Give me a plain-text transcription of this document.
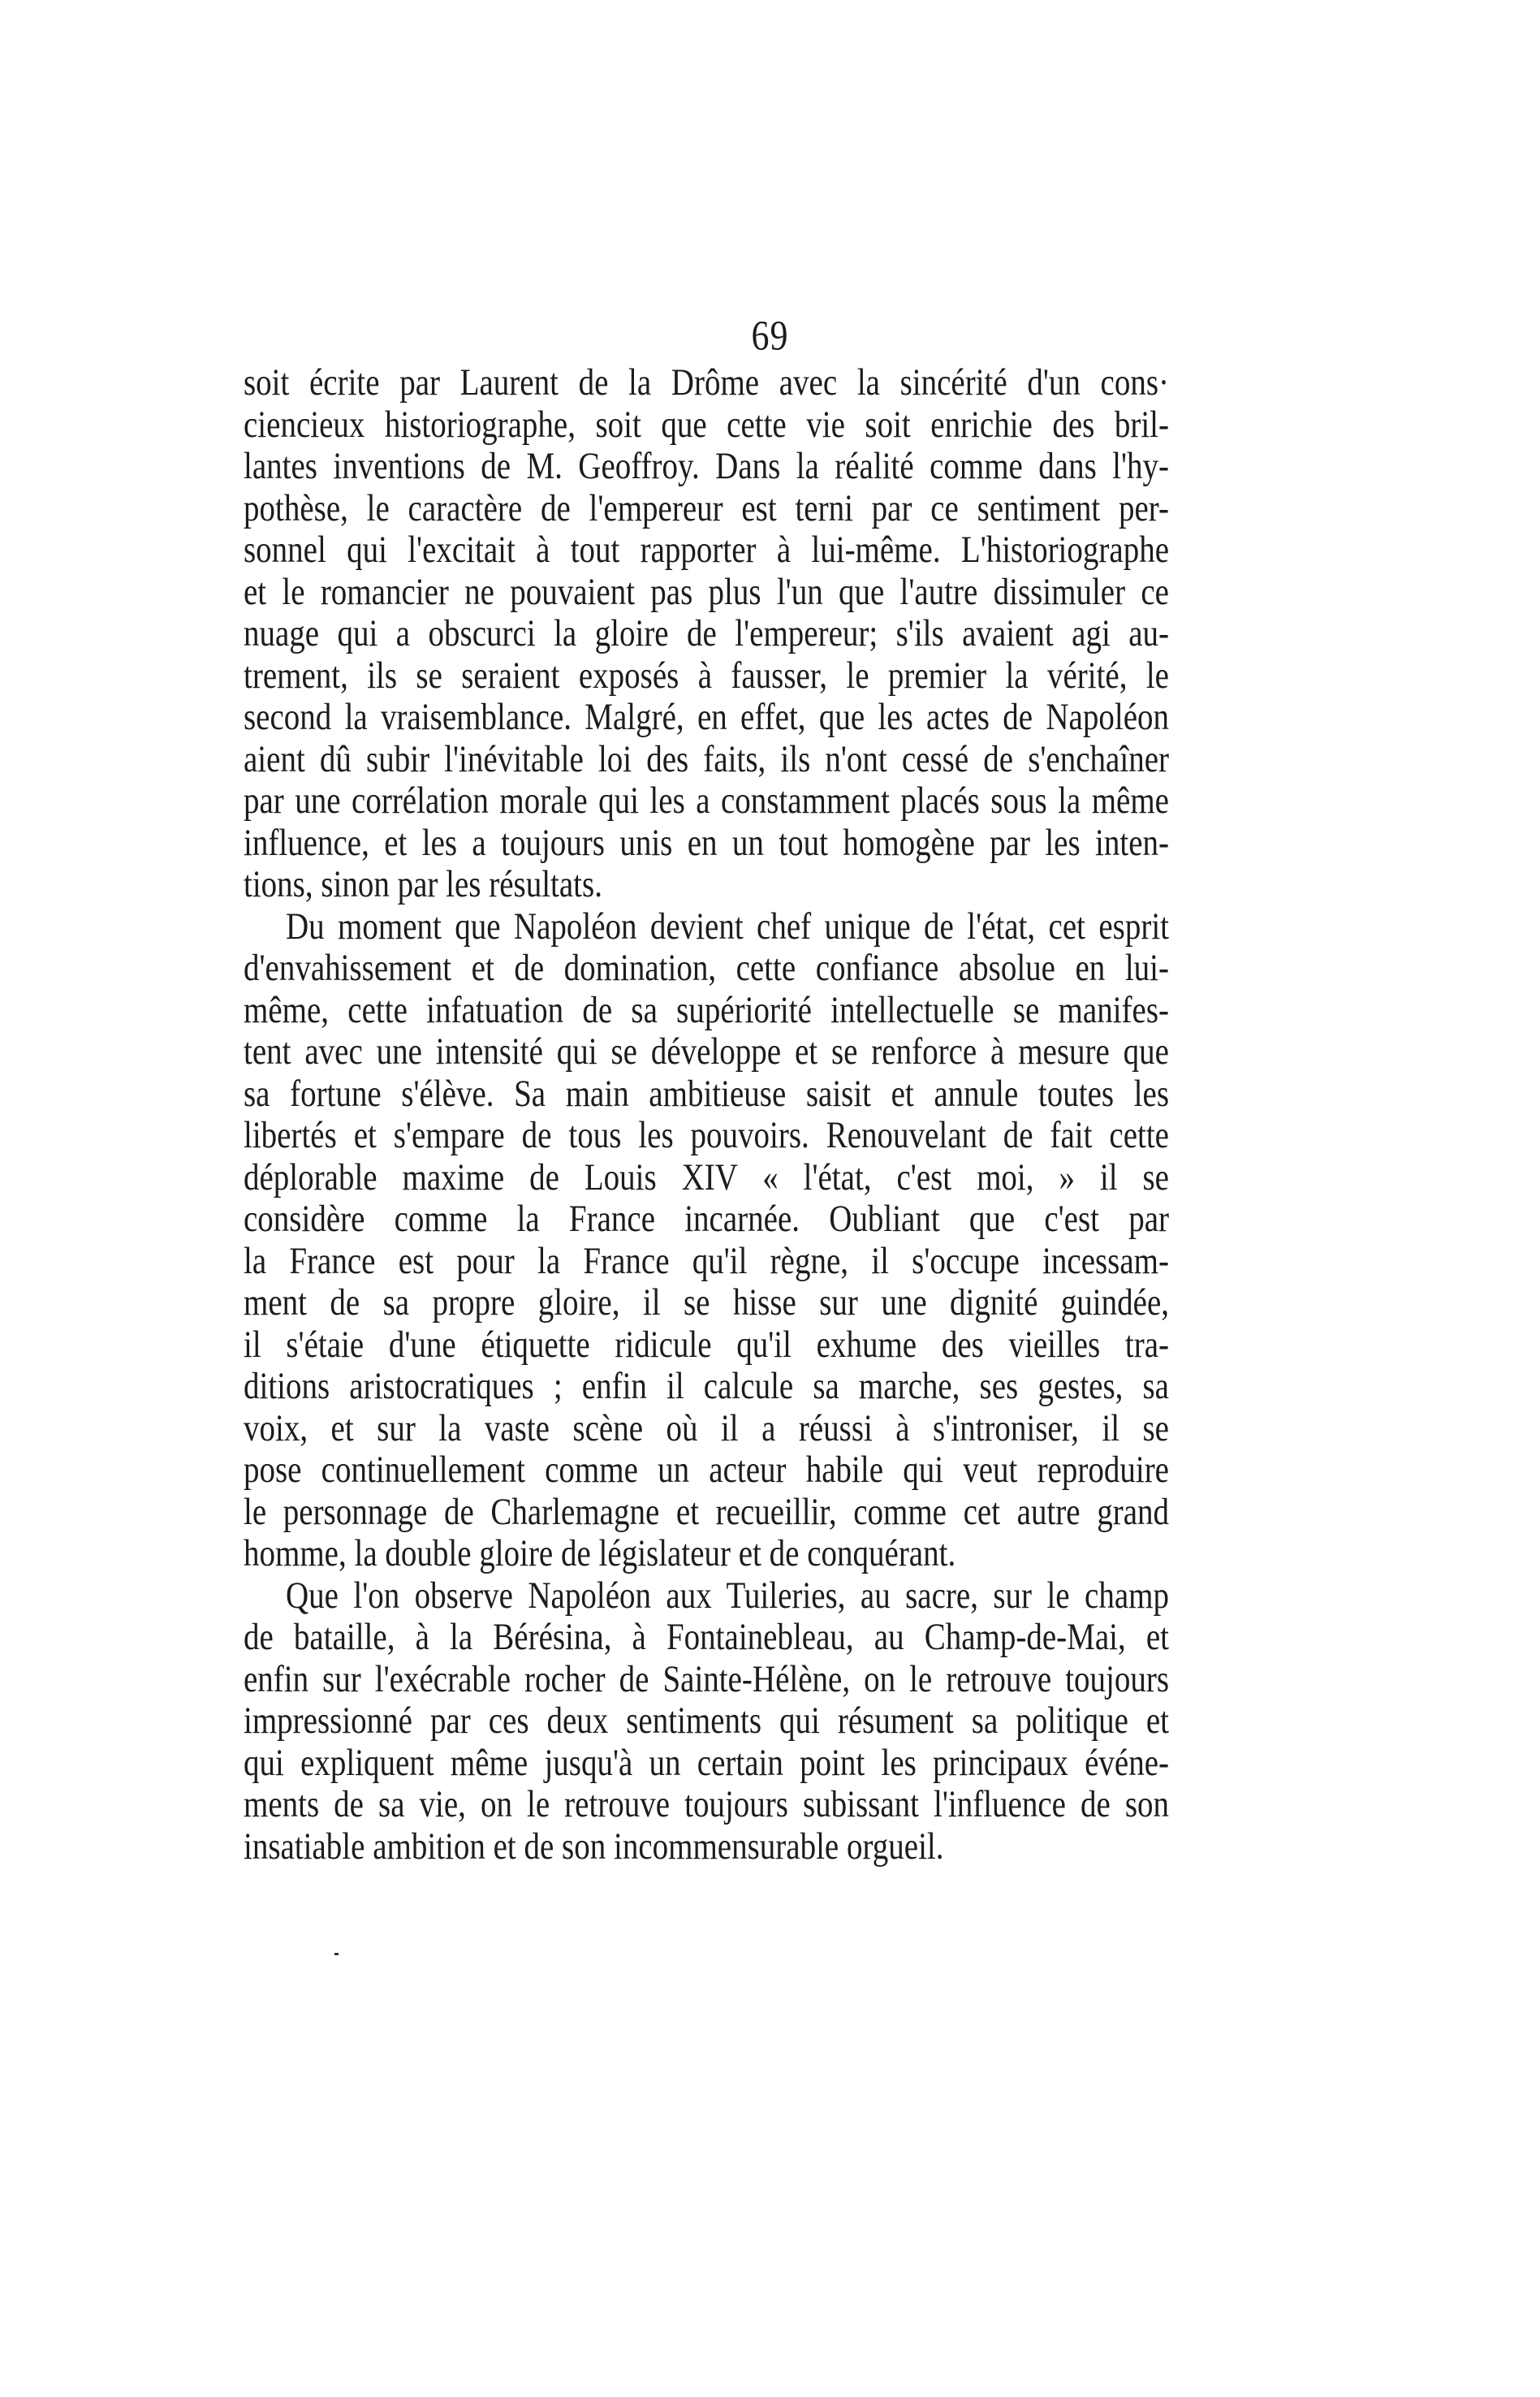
69
soit écrite par Laurent de la Drôme avec la sincérité d'un cons·
ciencieux historiographe, soit que cette vie soit enrichie des bril-
lantes inventions de M. Geoffroy. Dans la réalité comme dans l'hy-
pothèse, le caractère de l'empereur est terni par ce sentiment per-
sonnel qui l'excitait à tout rapporter à lui-même. L'historiographe
et le romancier ne pouvaient pas plus l'un que l'autre dissimuler ce
nuage qui a obscurci la gloire de l'empereur; s'ils avaient agi au-
trement, ils se seraient exposés à fausser, le premier la vérité, le
second la vraisemblance. Malgré, en effet, que les actes de Napoléon
aient dû subir l'inévitable loi des faits, ils n'ont cessé de s'enchaîner
par une corrélation morale qui les a constamment placés sous la même
influence, et les a toujours unis en un tout homogène par les inten-
tions, sinon par les résultats.
Du moment que Napoléon devient chef unique de l'état, cet esprit
d'envahissement et de domination, cette confiance absolue en lui-
même, cette infatuation de sa supériorité intellectuelle se manifes-
tent avec une intensité qui se développe et se renforce à mesure que
sa fortune s'élève. Sa main ambitieuse saisit et annule toutes les
libertés et s'empare de tous les pouvoirs. Renouvelant de fait cette
déplorable maxime de Louis XIV « l'état, c'est moi, » il se
considère comme la France incarnée. Oubliant que c'est par
la France est pour la France qu'il règne, il s'occupe incessam-
ment de sa propre gloire, il se hisse sur une dignité guindée,
il s'étaie d'une étiquette ridicule qu'il exhume des vieilles tra-
ditions aristocratiques ; enfin il calcule sa marche, ses gestes, sa
voix, et sur la vaste scène où il a réussi à s'introniser, il se
pose continuellement comme un acteur habile qui veut reproduire
le personnage de Charlemagne et recueillir, comme cet autre grand
homme, la double gloire de législateur et de conquérant.
Que l'on observe Napoléon aux Tuileries, au sacre, sur le champ
de bataille, à la Bérésina, à Fontainebleau, au Champ-de-Mai, et
enfin sur l'exécrable rocher de Sainte-Hélène, on le retrouve toujours
impressionné par ces deux sentiments qui résument sa politique et
qui expliquent même jusqu'à un certain point les principaux événe-
ments de sa vie, on le retrouve toujours subissant l'influence de son
insatiable ambition et de son incommensurable orgueil.
